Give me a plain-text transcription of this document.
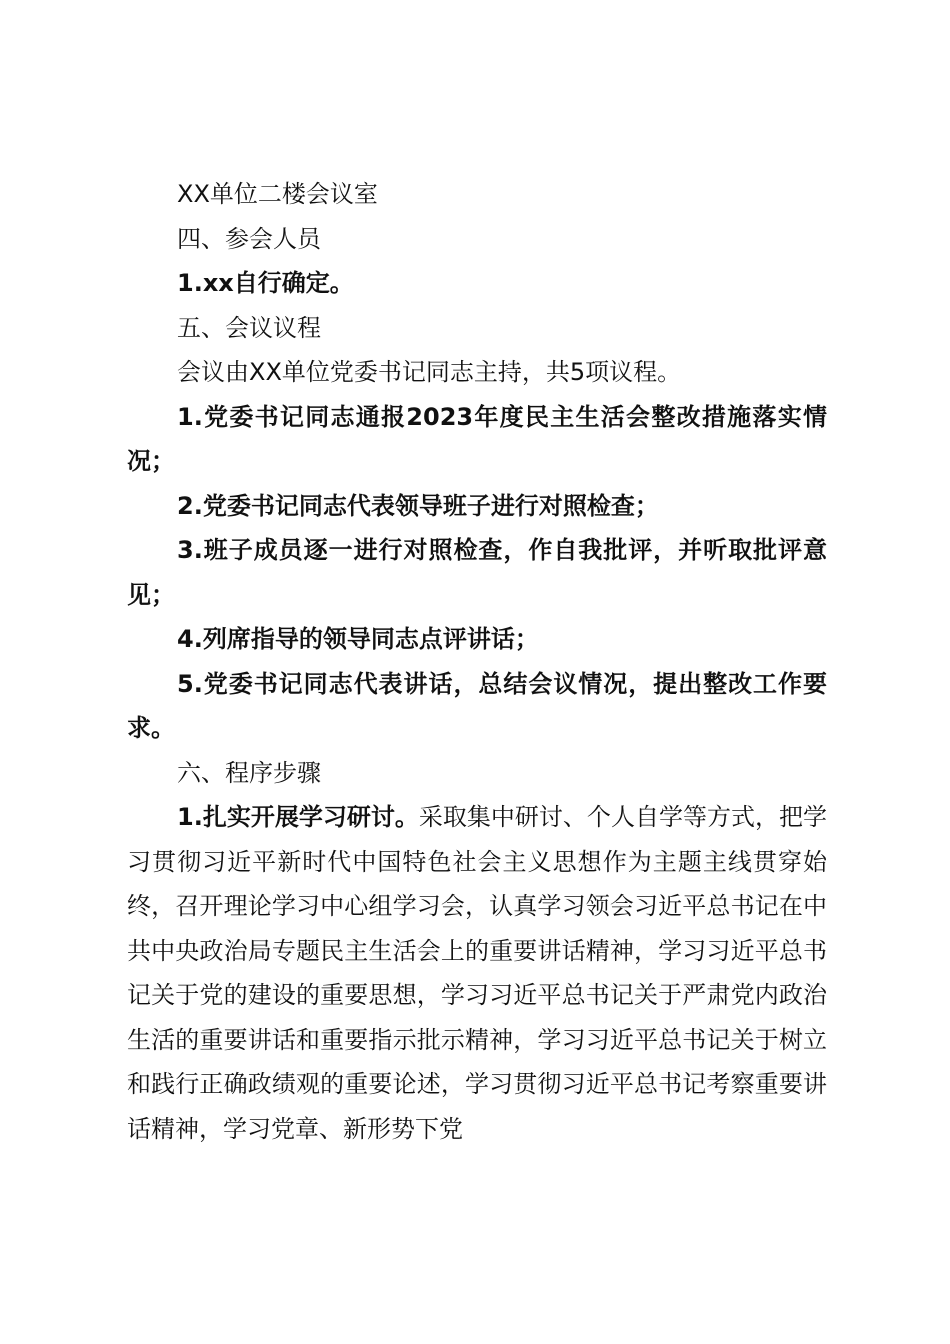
XX单位二楼会议室

四、参会人员

1.xx自行确定。

五、会议议程

会议由XX单位党委书记同志主持，共5项议程。

1.党委书记同志通报2023年度民主生活会整改措施落实情况；

2.党委书记同志代表领导班子进行对照检查；

3.班子成员逐一进行对照检查，作自我批评，并听取批评意见；

4.列席指导的领导同志点评讲话；

5.党委书记同志代表讲话，总结会议情况，提出整改工作要求。

六、程序步骤

1.扎实开展学习研讨。采取集中研讨、个人自学等方式，把学习贯彻习近平新时代中国特色社会主义思想作为主题主线贯穿始终，召开理论学习中心组学习会，认真学习领会习近平总书记在中共中央政治局专题民主生活会上的重要讲话精神，学习习近平总书记关于党的建设的重要思想，学习习近平总书记关于严肃党内政治生活的重要讲话和重要指示批示精神，学习习近平总书记关于树立和践行正确政绩观的重要论述，学习贯彻习近平总书记考察重要讲话精神，学习党章、新形势下党
